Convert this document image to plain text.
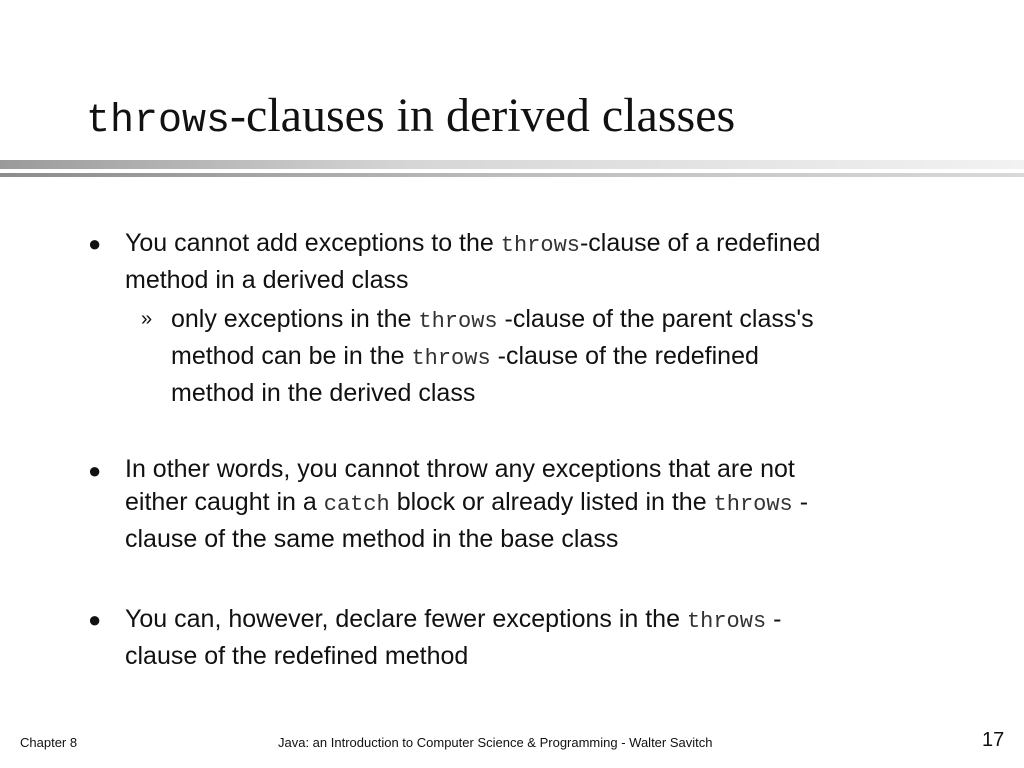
throws-clauses in derived classes
● You cannot add exceptions to the throws-clause of a redefined
method in a derived class
» only exceptions in the throws -clause of the parent class's
method can be in the throws -clause of the redefined
method in the derived class
● In other words, you cannot throw any exceptions that are not
either caught in a catch block or already listed in the throws -
clause of the same method in the base class
● You can, however, declare fewer exceptions in the throws -
clause of the redefined method
Chapter 8	Java: an Introduction to Computer Science & Programming - Walter Savitch	17
